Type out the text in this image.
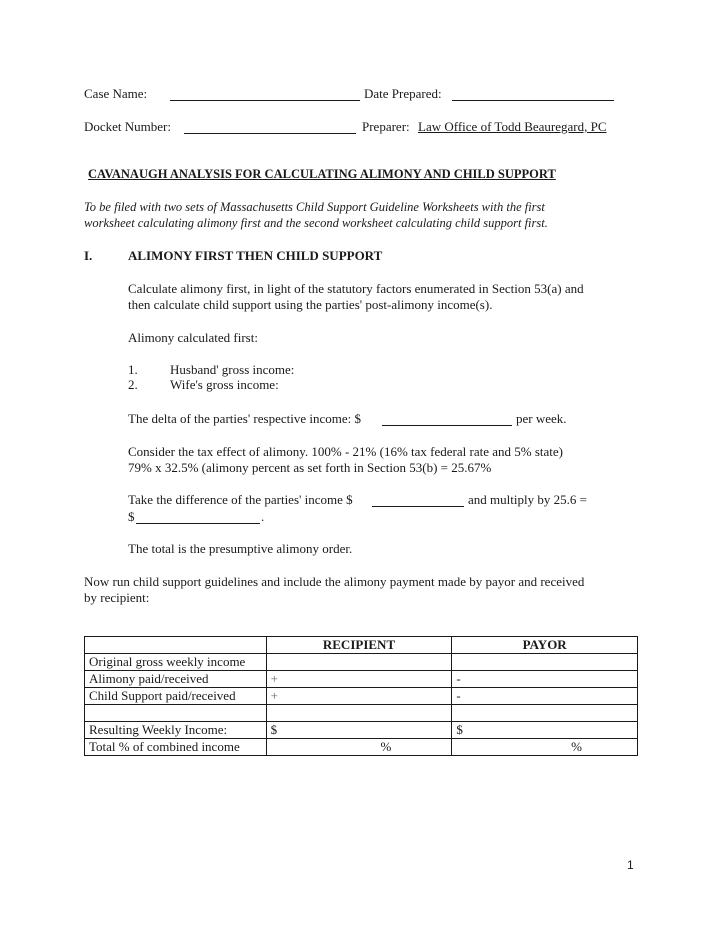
Case Name:	Date Prepared:
Docket Number:	Preparer: Law Office of Todd Beauregard, PC
CAVANAUGH ANALYSIS FOR CALCULATING ALIMONY AND CHILD SUPPORT
To be filed with two sets of Massachusetts Child Support Guideline Worksheets with the first
worksheet calculating alimony first and the second worksheet calculating child support first.
I.	ALIMONY FIRST THEN CHILD SUPPORT
Calculate alimony first, in light of the statutory factors enumerated in Section 53(a) and
then calculate child support using the parties' post-alimony income(s).
Alimony calculated first:
1. Husband' gross income:
2. Wife's gross income:
The delta of the parties' respective income: $	per week.
Consider the tax effect of alimony. 100% - 21% (16% tax federal rate and 5% state)
79% x 32.5% (alimony percent as set forth in Section 53(b) = 25.67%
Take the difference of the parties' income $	and multiply by 25.6 =
$	.
The total is the presumptive alimony order.
Now run child support guidelines and include the alimony payment made by payor and received
by recipient:
	RECIPIENT	PAYOR
Original gross weekly income		
Alimony paid/received	+	-
Child Support paid/received	+	-

Resulting Weekly Income:	$	$
Total % of combined income	%	%
1
